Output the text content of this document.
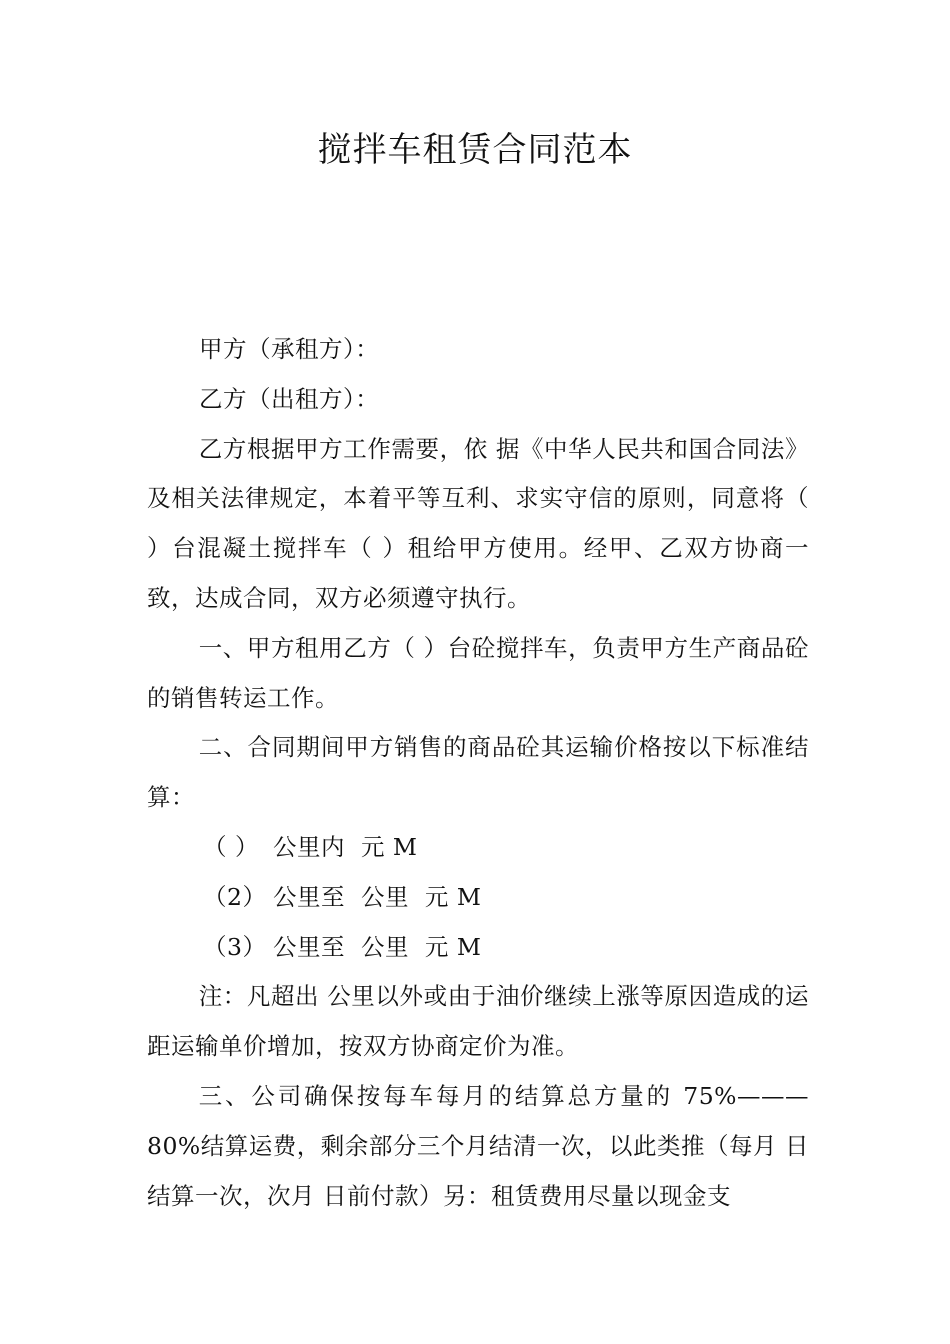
搅拌车租赁合同范本

甲方（承租方）：

乙方（出租方）：

乙方根据甲方工作需要，依 据《中华人民共和国合同法》及相关法律规定，本着平等互利、求实守信的原则，同意将（ ）台混凝土搅拌车（ ）租给甲方使用。经甲、乙双方协商一致，达成合同，双方必须遵守执行。

一、甲方租用乙方（ ）台砼搅拌车，负责甲方生产商品砼的销售转运工作。

二、合同期间甲方销售的商品砼其运输价格按以下标准结算：

（ ） 公里内  元 M

（2） 公里至  公里  元 M

（3） 公里至  公里  元 M

注：凡超出 公里以外或由于油价继续上涨等原因造成的运距运输单价增加，按双方协商定价为准。

三、公司确保按每车每月的结算总方量的 75%———80%结算运费，剩余部分三个月结清一次，以此类推（每月 日结算一次，次月 日前付款）另：租赁费用尽量以现金支
